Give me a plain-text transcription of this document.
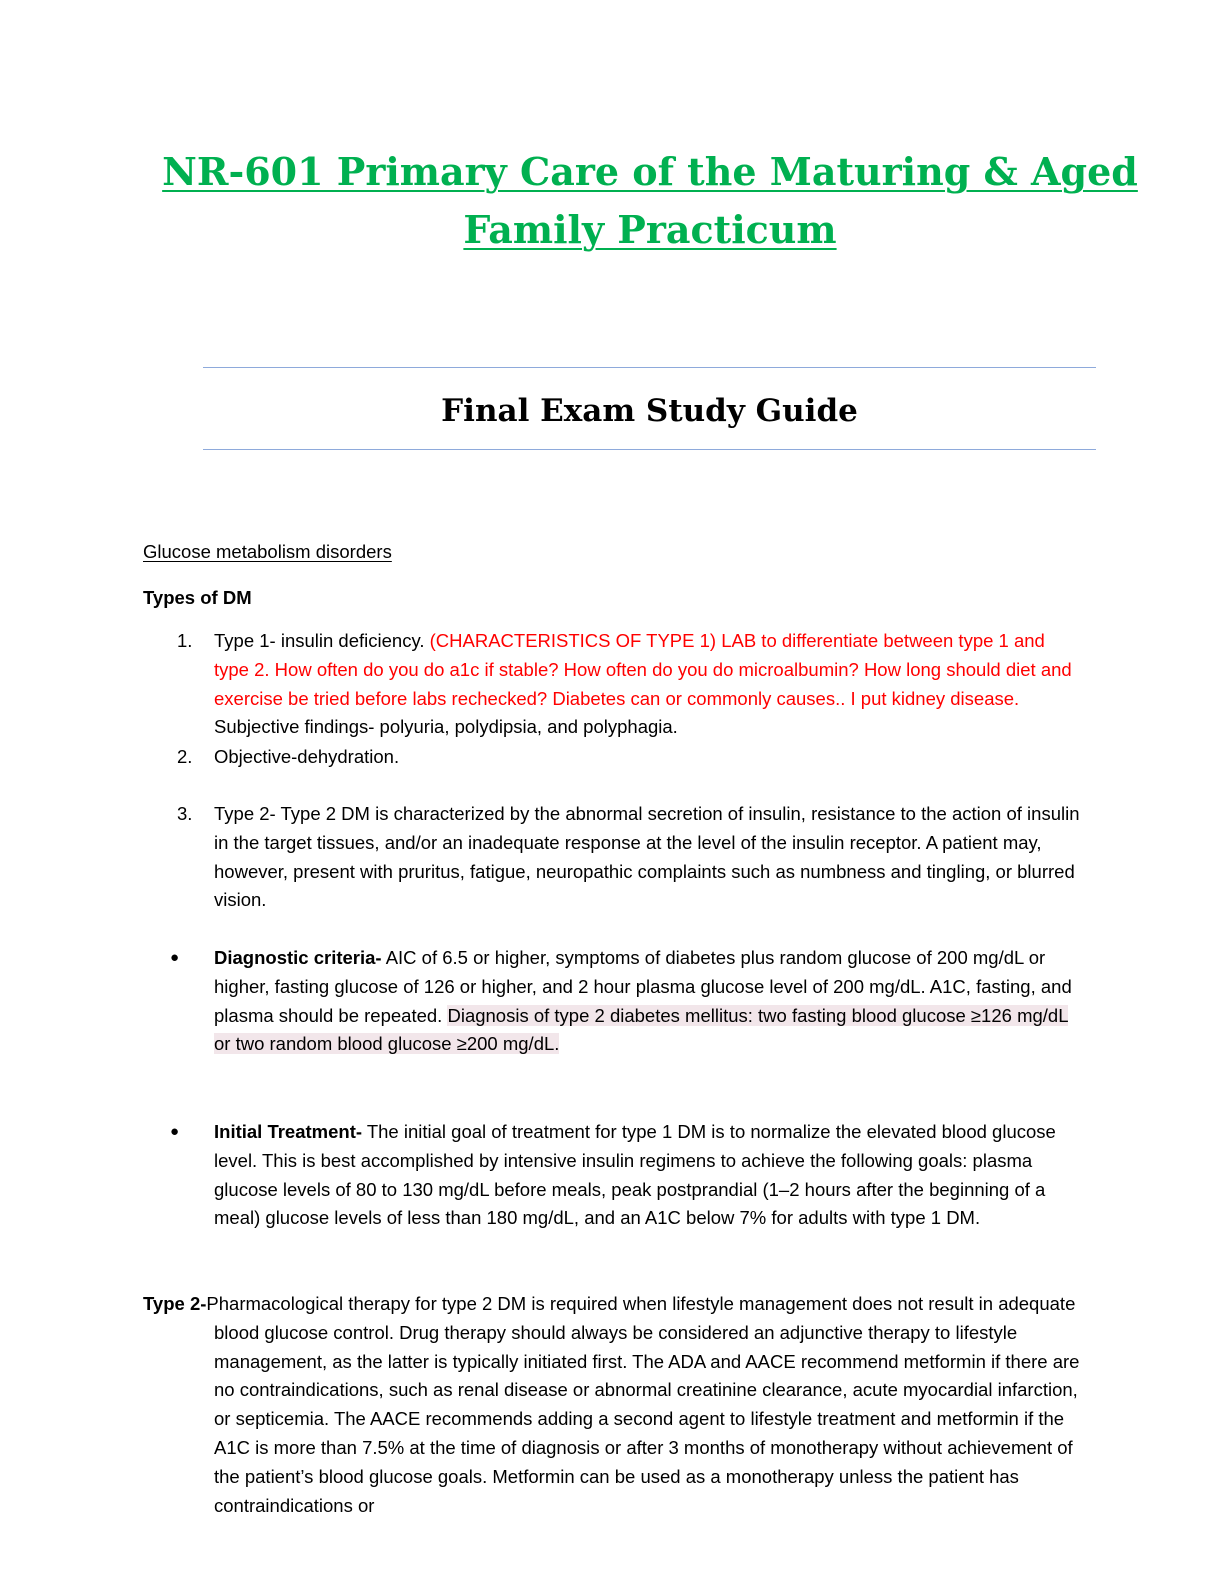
NR-601 Primary Care of the Maturing & Aged
Family Practicum
Final Exam Study Guide
Glucose metabolism disorders
Types of DM
1. Type 1- insulin deficiency. (CHARACTERISTICS OF TYPE 1) LAB to differentiate between type 1 and type 2. How often do you do a1c if stable? How often do you do microalbumin? How long should diet and exercise be tried before labs rechecked? Diabetes can or commonly causes.. I put kidney disease. Subjective findings- polyuria, polydipsia, and polyphagia.
2. Objective-dehydration.
3. Type 2- Type 2 DM is characterized by the abnormal secretion of insulin, resistance to the action of insulin in the target tissues, and/or an inadequate response at the level of the insulin receptor. A patient may, however, present with pruritus, fatigue, neuropathic complaints such as numbness and tingling, or blurred vision.
● Diagnostic criteria- AIC of 6.5 or higher, symptoms of diabetes plus random glucose of 200 mg/dL or higher, fasting glucose of 126 or higher, and 2 hour plasma glucose level of 200 mg/dL. A1C, fasting, and plasma should be repeated. Diagnosis of type 2 diabetes mellitus: two fasting blood glucose ≥126 mg/dL or two random blood glucose ≥200 mg/dL.
● Initial Treatment- The initial goal of treatment for type 1 DM is to normalize the elevated blood glucose level. This is best accomplished by intensive insulin regimens to achieve the following goals: plasma glucose levels of 80 to 130 mg/dL before meals, peak postprandial (1–2 hours after the beginning of a meal) glucose levels of less than 180 mg/dL, and an A1C below 7% for adults with type 1 DM.
Type 2-Pharmacological therapy for type 2 DM is required when lifestyle management does not result in adequate blood glucose control. Drug therapy should always be considered an adjunctive therapy to lifestyle management, as the latter is typically initiated first. The ADA and AACE recommend metformin if there are no contraindications, such as renal disease or abnormal creatinine clearance, acute myocardial infarction, or septicemia. The AACE recommends adding a second agent to lifestyle treatment and metformin if the A1C is more than 7.5% at the time of diagnosis or after 3 months of monotherapy without achievement of the patient’s blood glucose goals. Metformin can be used as a monotherapy unless the patient has contraindications or
